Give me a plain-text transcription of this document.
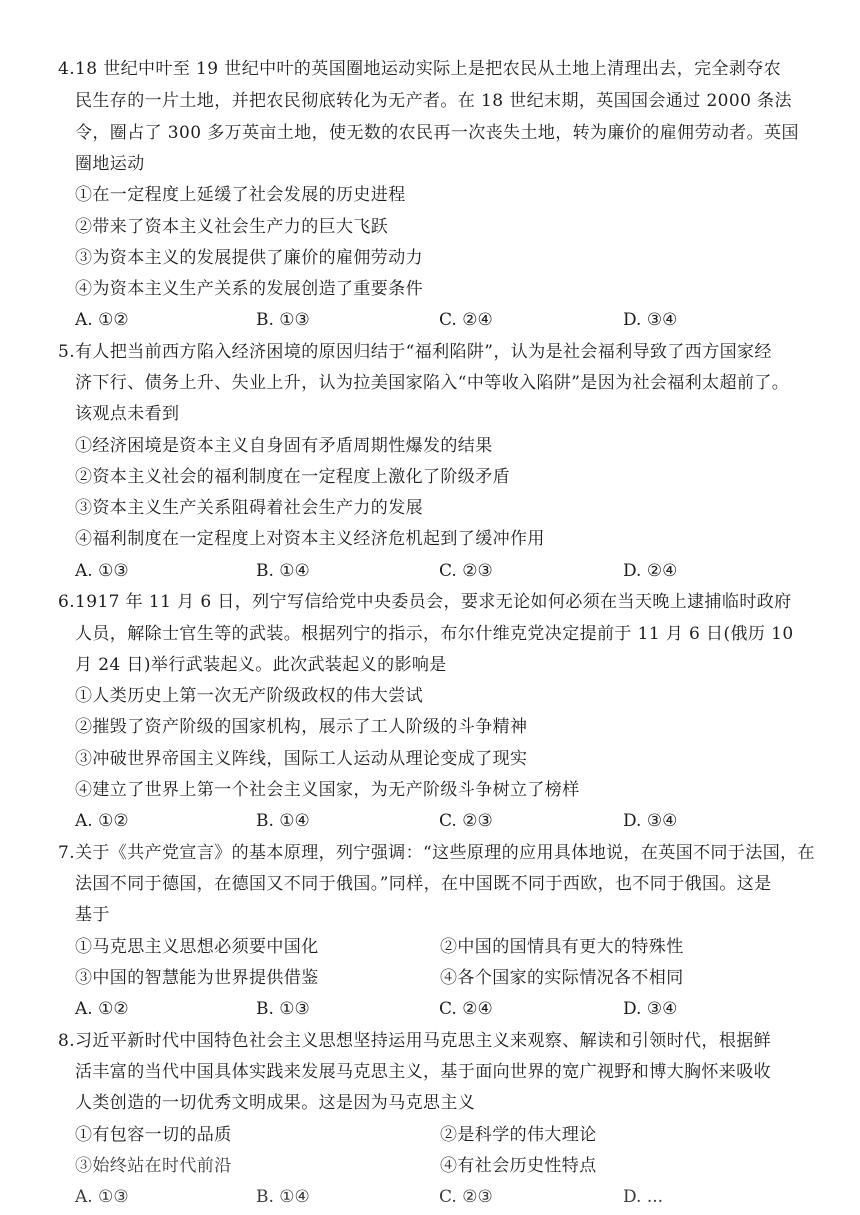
4.18 世纪中叶至 19 世纪中叶的英国圈地运动实际上是把农民从土地上清理出去，完全剥夺农
民生存的一片土地，并把农民彻底转化为无产者。在 18 世纪末期，英国国会通过 2000 条法
令，圈占了 300 多万英亩土地，使无数的农民再一次丧失土地，转为廉价的雇佣劳动者。英国
圈地运动
①在一定程度上延缓了社会发展的历史进程
②带来了资本主义社会生产力的巨大飞跃
③为资本主义的发展提供了廉价的雇佣劳动力
④为资本主义生产关系的发展创造了重要条件
A. ①②	B. ①③	C. ②④	D. ③④
5.有人把当前西方陷入经济困境的原因归结于“福利陷阱”，认为是社会福利导致了西方国家经
济下行、债务上升、失业上升，认为拉美国家陷入“中等收入陷阱”是因为社会福利太超前了。
该观点未看到
①经济困境是资本主义自身固有矛盾周期性爆发的结果
②资本主义社会的福利制度在一定程度上激化了阶级矛盾
③资本主义生产关系阻碍着社会生产力的发展
④福利制度在一定程度上对资本主义经济危机起到了缓冲作用
A. ①③	B. ①④	C. ②③	D. ②④
6.1917 年 11 月 6 日，列宁写信给党中央委员会，要求无论如何必须在当天晚上逮捕临时政府
人员，解除士官生等的武装。根据列宁的指示，布尔什维克党决定提前于 11 月 6 日(俄历 10
月 24 日)举行武装起义。此次武装起义的影响是
①人类历史上第一次无产阶级政权的伟大尝试
②摧毁了资产阶级的国家机构，展示了工人阶级的斗争精神
③冲破世界帝国主义阵线，国际工人运动从理论变成了现实
④建立了世界上第一个社会主义国家，为无产阶级斗争树立了榜样
A. ①②	B. ①④	C. ②③	D. ③④
7.关于《共产党宣言》的基本原理，列宁强调：“这些原理的应用具体地说，在英国不同于法国，在
法国不同于德国，在德国又不同于俄国。”同样，在中国既不同于西欧，也不同于俄国。这是
基于
①马克思主义思想必须要中国化	②中国的国情具有更大的特殊性
③中国的智慧能为世界提供借鉴	④各个国家的实际情况各不相同
A. ①②	B. ①③	C. ②④	D. ③④
8.习近平新时代中国特色社会主义思想坚持运用马克思主义来观察、解读和引领时代，根据鲜
活丰富的当代中国具体实践来发展马克思主义，基于面向世界的宽广视野和博大胸怀来吸收
人类创造的一切优秀文明成果。这是因为马克思主义
①有包容一切的品质	②是科学的伟大理论
③始终站在时代前沿	④有社会历史性特点
A. ①③	B. ①④	C. ②③	D. ...
